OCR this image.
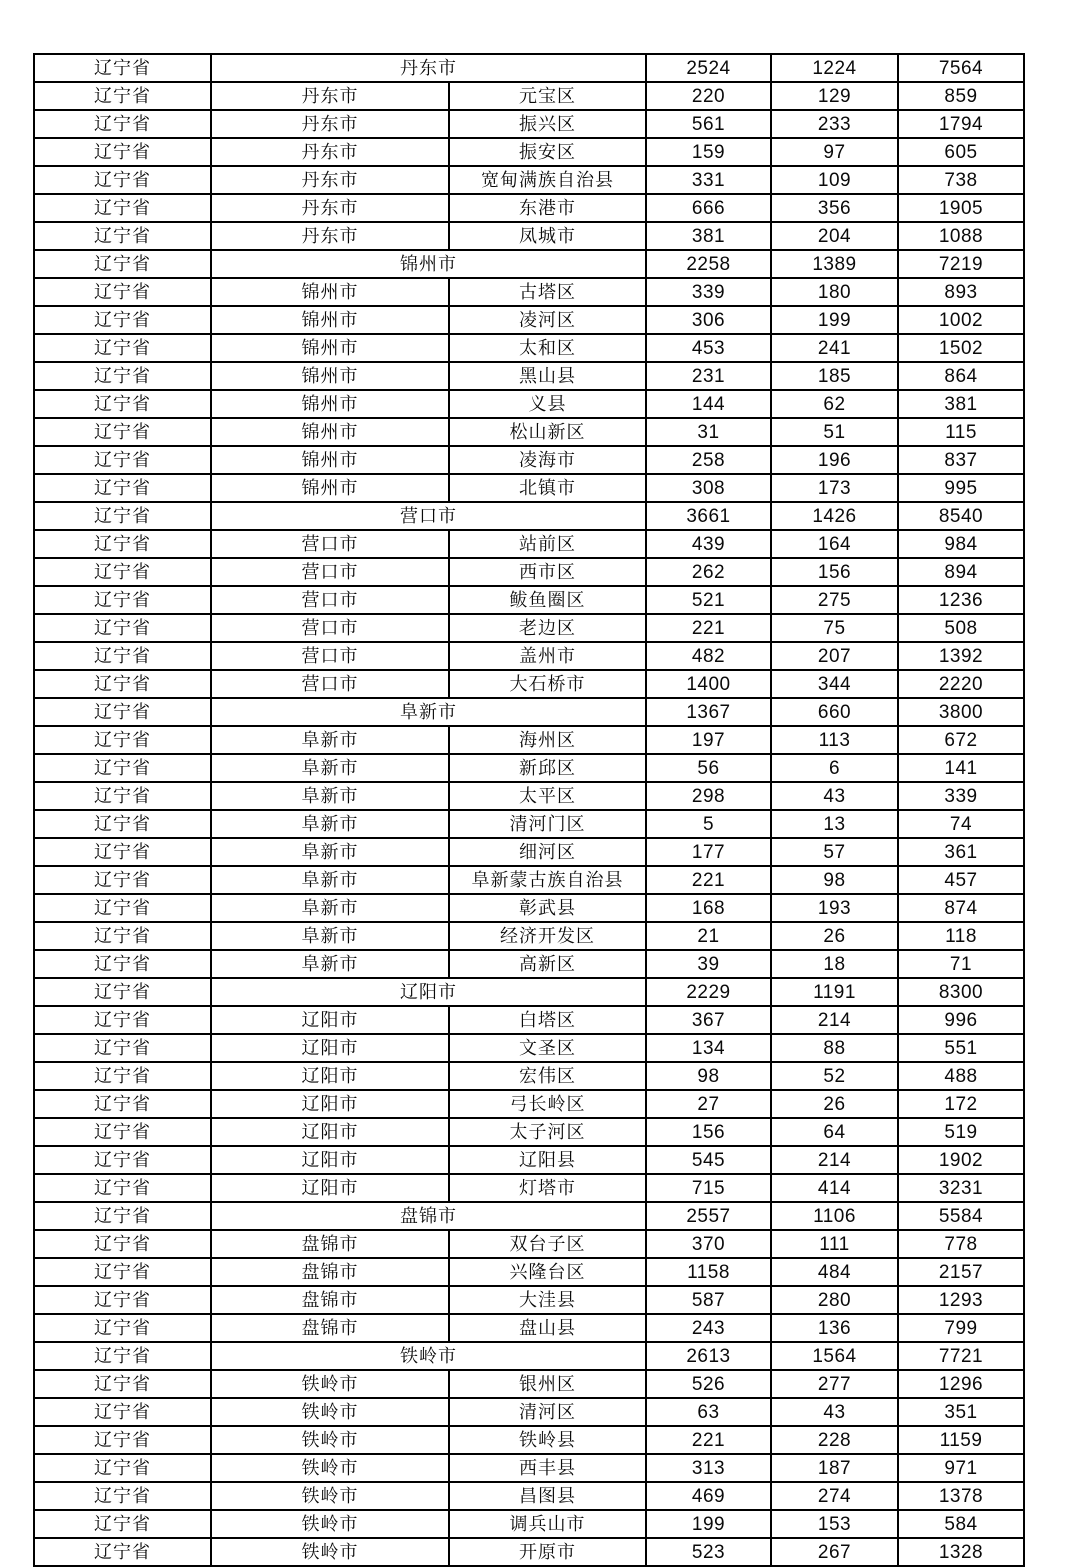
辽宁省	丹东市		2524	1224	7564
辽宁省	丹东市	元宝区	220	129	859
辽宁省	丹东市	振兴区	561	233	1794
辽宁省	丹东市	振安区	159	97	605
辽宁省	丹东市	宽甸满族自治县	331	109	738
辽宁省	丹东市	东港市	666	356	1905
辽宁省	丹东市	凤城市	381	204	1088
辽宁省	锦州市		2258	1389	7219
辽宁省	锦州市	古塔区	339	180	893
辽宁省	锦州市	凌河区	306	199	1002
辽宁省	锦州市	太和区	453	241	1502
辽宁省	锦州市	黑山县	231	185	864
辽宁省	锦州市	义县	144	62	381
辽宁省	锦州市	松山新区	31	51	115
辽宁省	锦州市	凌海市	258	196	837
辽宁省	锦州市	北镇市	308	173	995
辽宁省	营口市		3661	1426	8540
辽宁省	营口市	站前区	439	164	984
辽宁省	营口市	西市区	262	156	894
辽宁省	营口市	鲅鱼圈区	521	275	1236
辽宁省	营口市	老边区	221	75	508
辽宁省	营口市	盖州市	482	207	1392
辽宁省	营口市	大石桥市	1400	344	2220
辽宁省	阜新市		1367	660	3800
辽宁省	阜新市	海州区	197	113	672
辽宁省	阜新市	新邱区	56	6	141
辽宁省	阜新市	太平区	298	43	339
辽宁省	阜新市	清河门区	5	13	74
辽宁省	阜新市	细河区	177	57	361
辽宁省	阜新市	阜新蒙古族自治县	221	98	457
辽宁省	阜新市	彰武县	168	193	874
辽宁省	阜新市	经济开发区	21	26	118
辽宁省	阜新市	高新区	39	18	71
辽宁省	辽阳市		2229	1191	8300
辽宁省	辽阳市	白塔区	367	214	996
辽宁省	辽阳市	文圣区	134	88	551
辽宁省	辽阳市	宏伟区	98	52	488
辽宁省	辽阳市	弓长岭区	27	26	172
辽宁省	辽阳市	太子河区	156	64	519
辽宁省	辽阳市	辽阳县	545	214	1902
辽宁省	辽阳市	灯塔市	715	414	3231
辽宁省	盘锦市		2557	1106	5584
辽宁省	盘锦市	双台子区	370	111	778
辽宁省	盘锦市	兴隆台区	1158	484	2157
辽宁省	盘锦市	大洼县	587	280	1293
辽宁省	盘锦市	盘山县	243	136	799
辽宁省	铁岭市		2613	1564	7721
辽宁省	铁岭市	银州区	526	277	1296
辽宁省	铁岭市	清河区	63	43	351
辽宁省	铁岭市	铁岭县	221	228	1159
辽宁省	铁岭市	西丰县	313	187	971
辽宁省	铁岭市	昌图县	469	274	1378
辽宁省	铁岭市	调兵山市	199	153	584
辽宁省	铁岭市	开原市	523	267	1328
